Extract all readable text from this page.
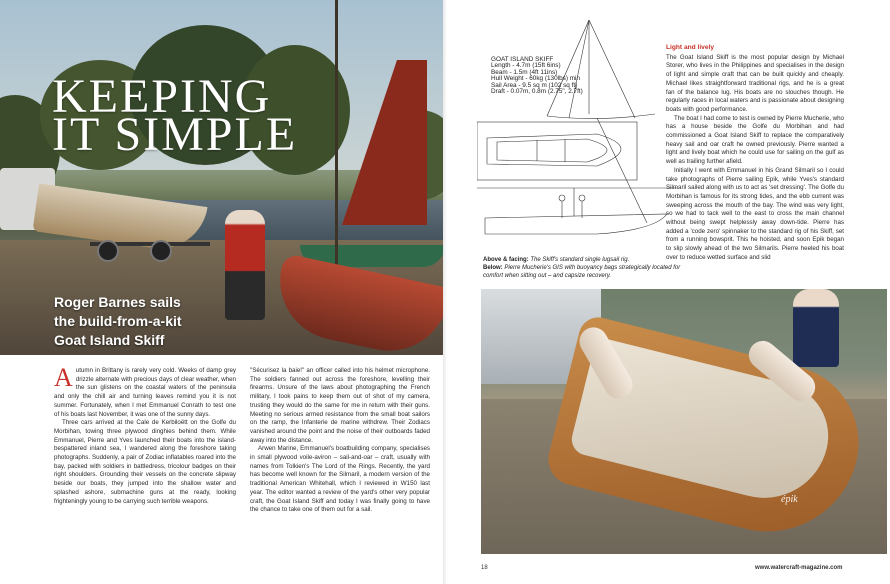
KEEPING
IT SIMPLE
Roger Barnes sails
the build-from-a-kit
Goat Island Skiff

Autumn in Brittany is rarely very cold. Weeks of damp grey drizzle alternate with precious days of clear weather, when the sun glistens on the coastal waters of the peninsula and only the chill air and turning leaves remind you it is not summer. Fortunately, when I met Emmanuel Conrath to test one of his boats last November, it was one of the sunny days.

Three cars arrived at the Cale de Kerbiloëtt on the Golfe du Morbihan, towing three plywood dinghies behind them. While Emmanuel, Pierre and Yves launched their boats into the island-bespattered inland sea, I wandered along the foreshore taking photographs. Suddenly, a pair of Zodiac inflatables roared into the bay, packed with soldiers in battledress, tricolour badges on their right shoulders. Grounding their vessels on the concrete slipway beside our boats, they jumped into the shallow water and splashed ashore, submachine guns at the ready, looking frighteningly young to be carrying such terrible weapons.

"Sécurisez la baie!" an officer called into his helmet microphone. The soldiers fanned out across the foreshore, levelling their firearms. Unsure of the laws about photographing the French military, I took pains to keep them out of shot of my camera, trusting they would do the same for me in return with their guns. Meeting no serious armed resistance from the small boat sailors on the ramp, the Infanterie de marine withdrew. Their Zodiacs vanished around the point and the noise of their outboards faded away into the distance.

Arwen Marine, Emmanuel's boatbuilding company, specialises in small plywood voile-aviron – sail-and-oar – craft, usually with names from Tolkien's The Lord of the Rings. Recently, the yard has become well known for the Silmaril, a modern version of the traditional American Whitehall, which I reviewed in W150 last year. The editor wanted a review of the yard's other very popular craft, the Goat Island Skiff and today I was finally going to have the chance to take one of them out for a sail.

GOAT ISLAND SKIFF
Length - 4.7m (15ft 6ins)
Beam - 1.5m (4ft 11ins)
Hull Weight - 60kg (130lbs) min
Sail Area - 9.5 sq m (102 sq ft)
Draft - 0.07m, 0.8m (2.75", 2.7ft)
Above & facing: The Skiff's standard single lugsail rig.
Below: Pierre Mucherie's GIS with buoyancy bags strategically located for comfort when sitting out – and capsize recovery.
Light and lively

The Goat Island Skiff is the most popular design by Michael Storer, who lives in the Philippines and specialises in the design of light and simple craft that can be built quickly and cheaply. Michael likes straightforward traditional rigs, and he is a great fan of the balance lug. His boats are no slouches though. He regularly races in local waters and is passionate about designing boats with good performance.

The boat I had come to test is owned by Pierre Mucherie, who has a house beside the Golfe du Morbihan and had commissioned a Goat Island Skiff to replace the comparatively heavy sail and oar craft he owned previously. Pierre wanted a light and lively boat which he could use for sailing on the gulf as well as trailing further afield.

Initially I went with Emmanuel in his Grand Silmaril so I could take photographs of Pierre sailing Epik, while Yves's standard Silmaril sailed along with us to act as 'set dressing'. The Golfe du Morbihan is famous for its strong tides, and the ebb current was sweeping across the mouth of the bay. The wind was very light, so we had to tack well to the east to cross the main channel without being swept helplessly away down-tide. Pierre has added a 'code zero' spinnaker to the standard rig of his Skiff, set from a running bowsprit. This he hoisted, and soon Epik began to slip slowly ahead of the two Silmarils. Pierre heeled his boat over to reduce wetted surface and slid

épik
18	www.watercraft-magazine.com
